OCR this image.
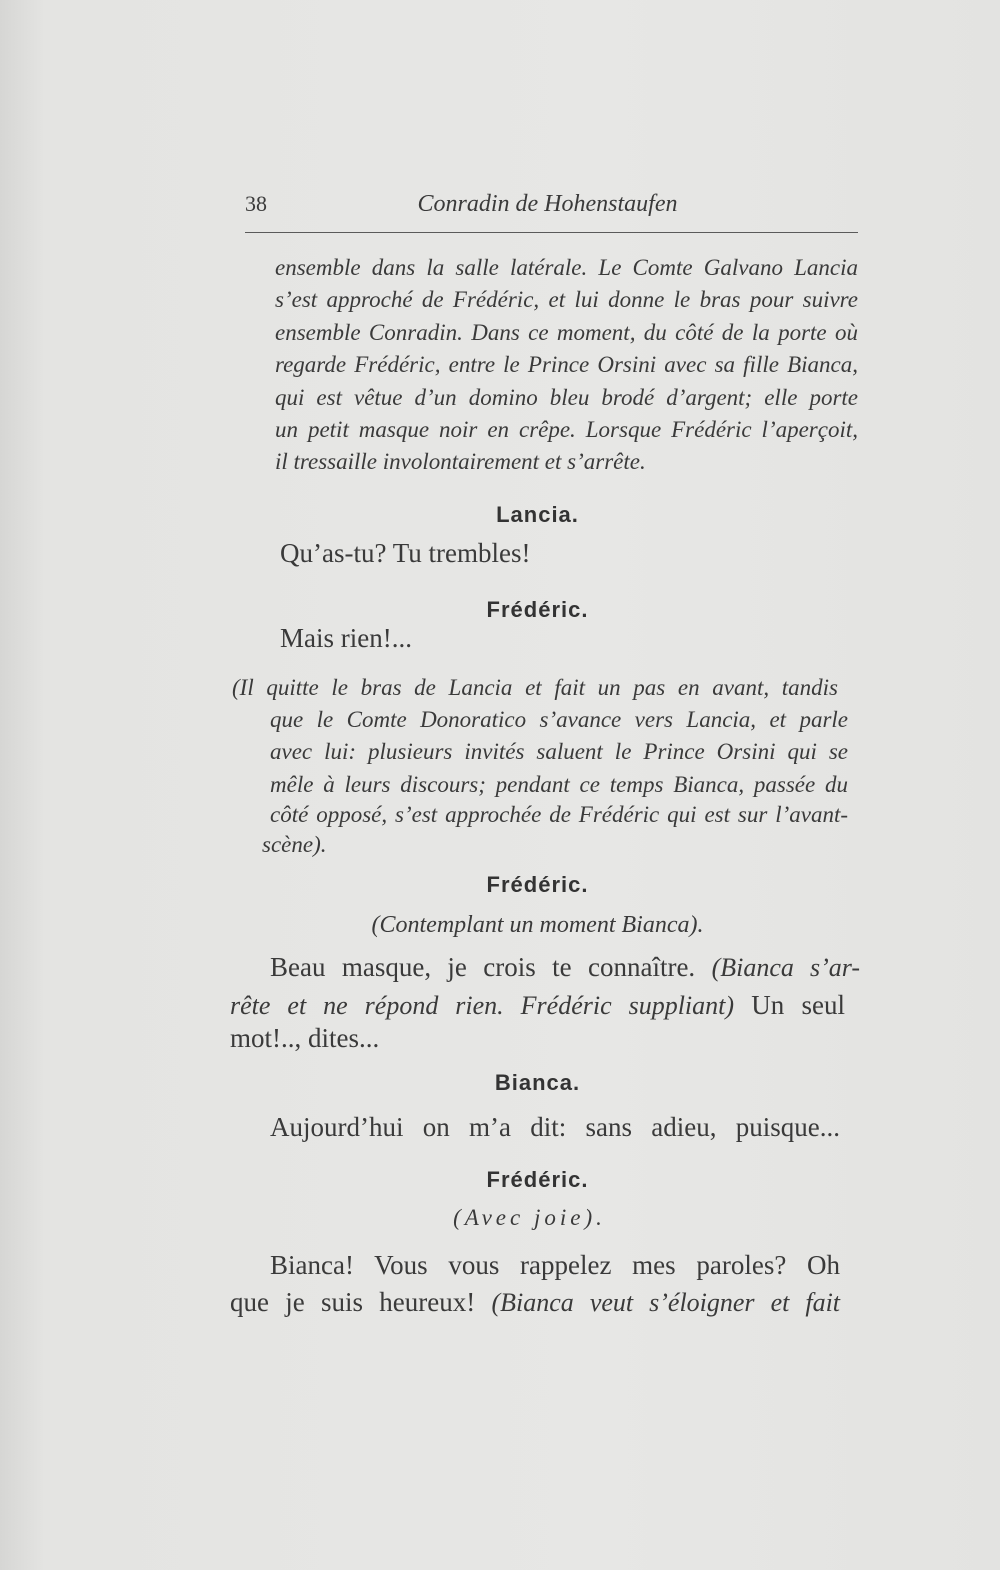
38	Conradin de Hohenstaufen
ensemble dans la salle latérale. Le Comte Galvano Lancia
s’est approché de Frédéric, et lui donne le bras pour suivre
ensemble Conradin. Dans ce moment, du côté de la porte où
regarde Frédéric, entre le Prince Orsini avec sa fille Bianca,
qui est vêtue d’un domino bleu brodé d’argent; elle porte
un petit masque noir en crêpe. Lorsque Frédéric l’aperçoit,
il tressaille involontairement et s’arrête.
Lancia.
Qu’as-tu? Tu trembles!
Frédéric.
Mais rien!...
(Il quitte le bras de Lancia et fait un pas en avant, tandis
que le Comte Donoratico s’avance vers Lancia, et parle
avec lui: plusieurs invités saluent le Prince Orsini qui se
mêle à leurs discours; pendant ce temps Bianca, passée du
côté opposé, s’est approchée de Frédéric qui est sur l’avant-
scène).
Frédéric.
(Contemplant un moment Bianca).
Beau masque, je crois te connaître. (Bianca s’ar-
rête et ne répond rien. Frédéric suppliant) Un seul
mot!.., dites...
Bianca.
Aujourd’hui on m’a dit: sans adieu, puisque...
Frédéric.
(Avec joie).
Bianca! Vous vous rappelez mes paroles? Oh
que je suis heureux! (Bianca veut s’éloigner et fait
